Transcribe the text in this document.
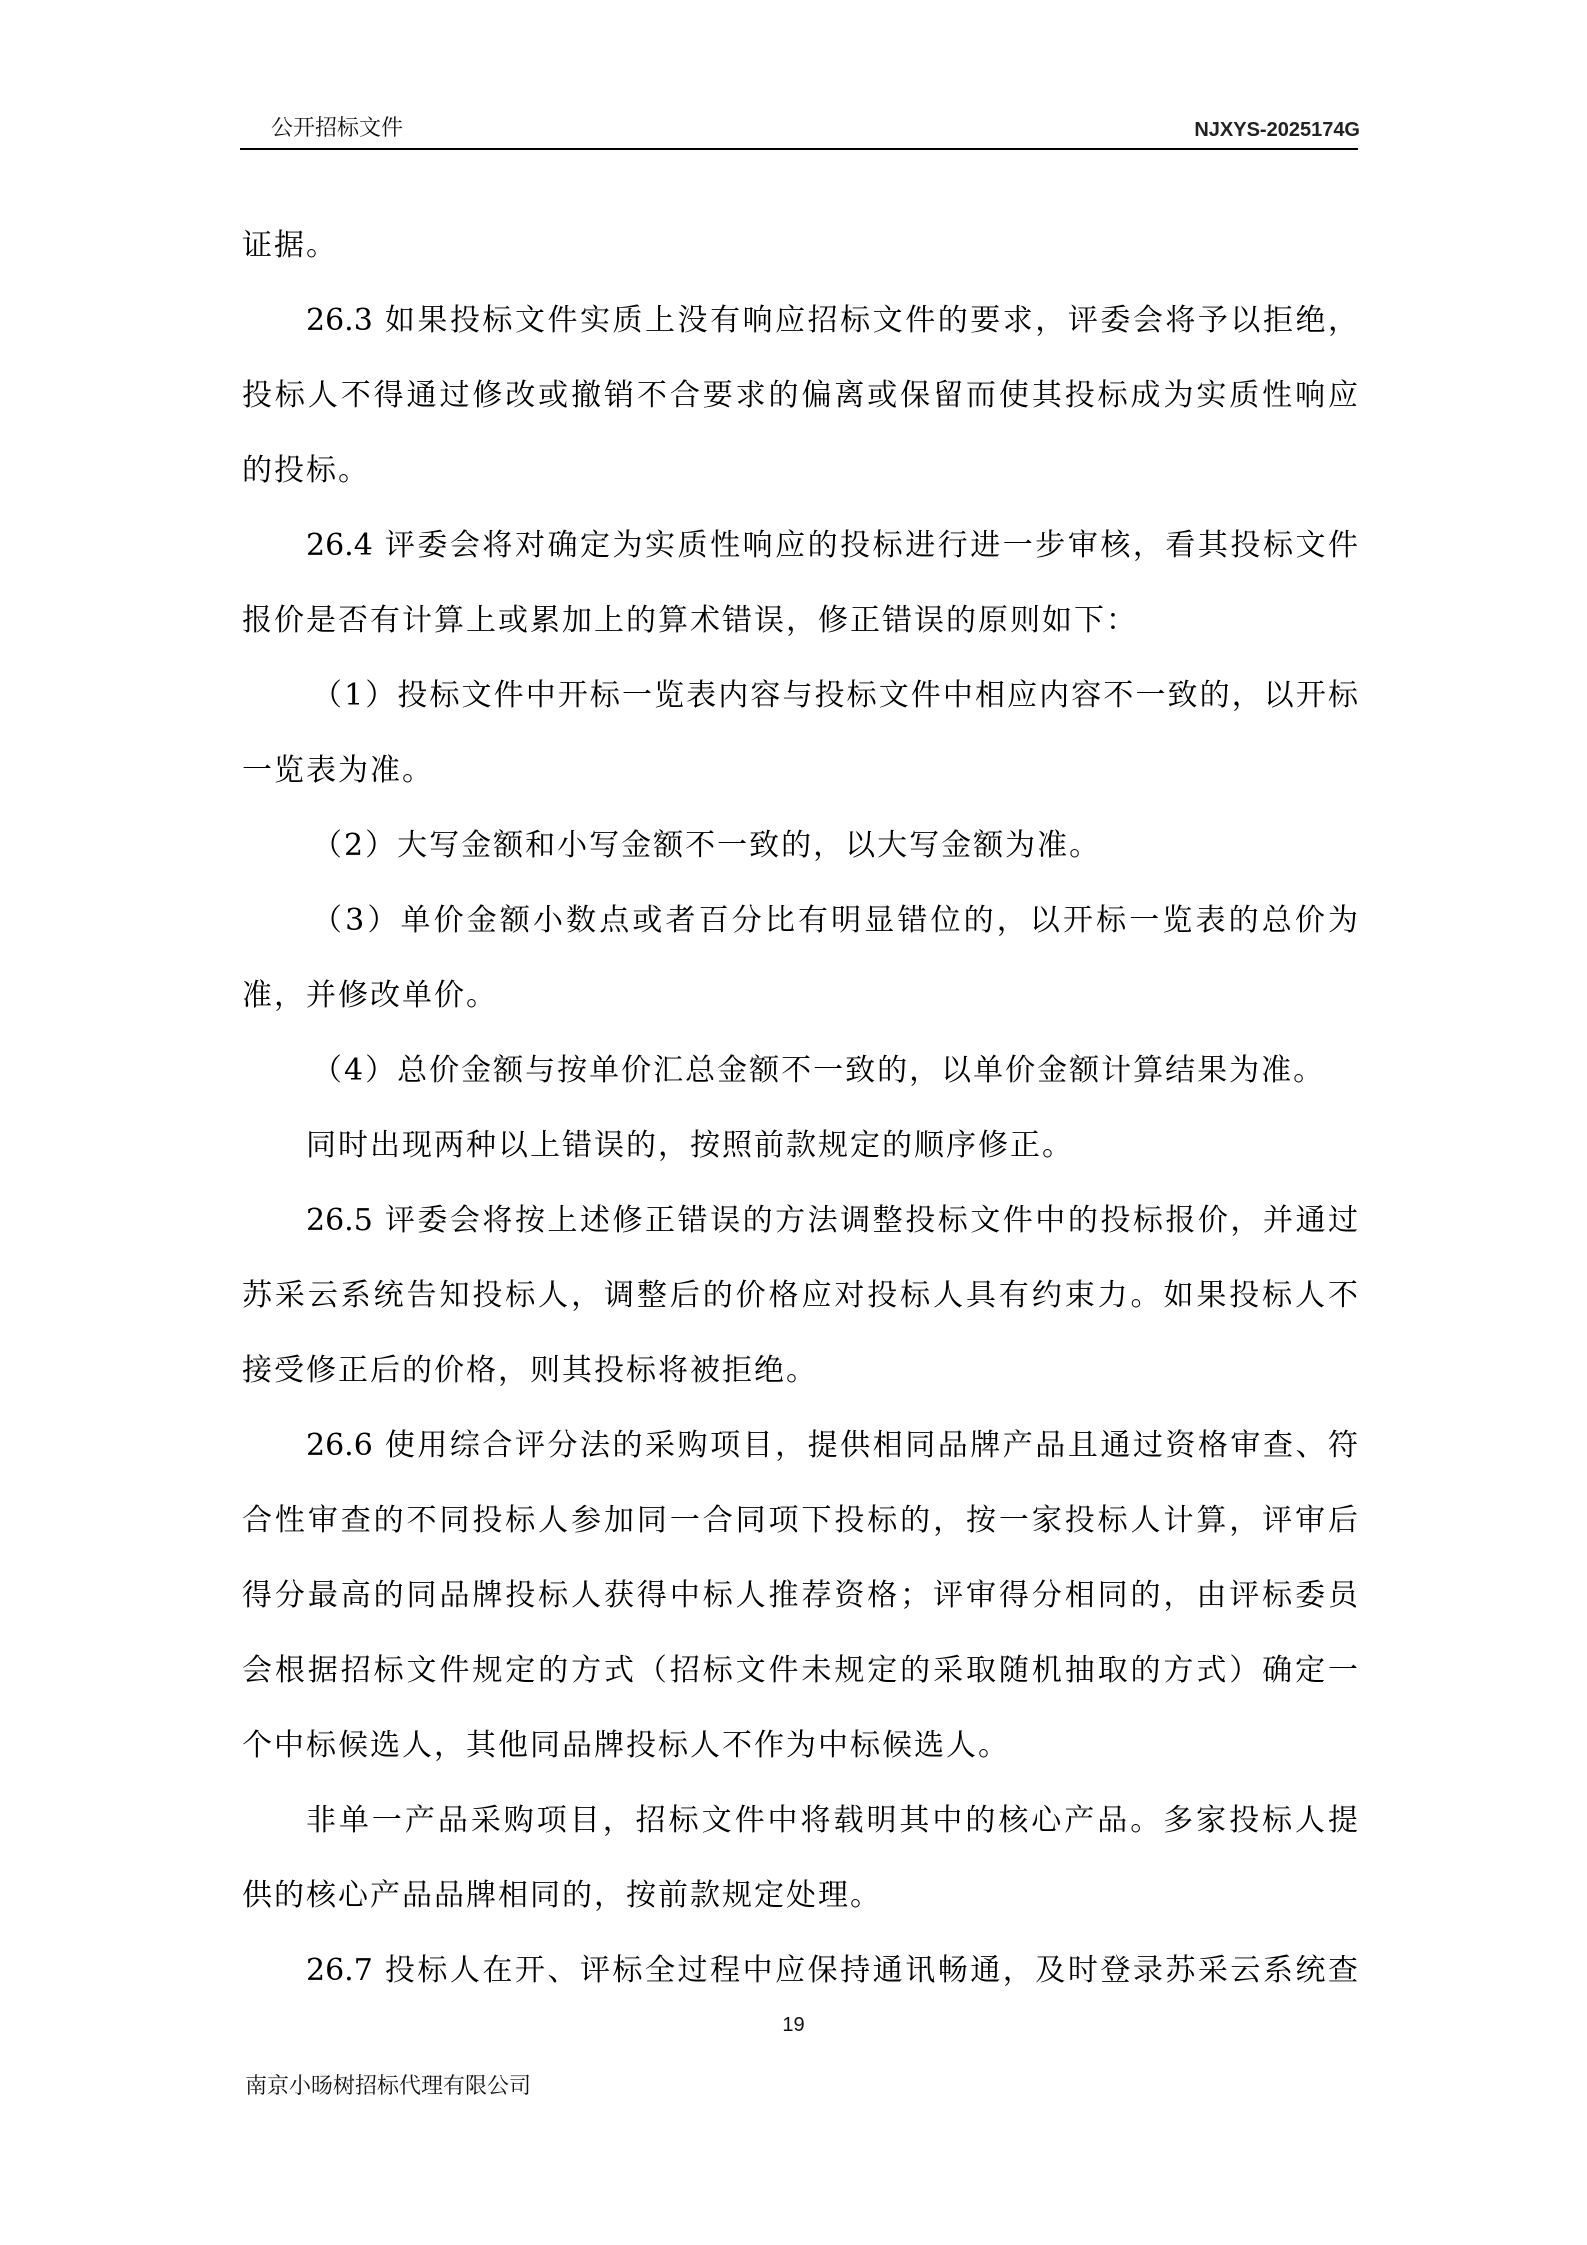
公开招标文件	NJXYS-2025174G
证据。
26.3 如果投标文件实质上没有响应招标文件的要求，评委会将予以拒绝，
投标人不得通过修改或撤销不合要求的偏离或保留而使其投标成为实质性响应
的投标。
26.4 评委会将对确定为实质性响应的投标进行进一步审核，看其投标文件
报价是否有计算上或累加上的算术错误，修正错误的原则如下：
（1）投标文件中开标一览表内容与投标文件中相应内容不一致的，以开标
一览表为准。
（2）大写金额和小写金额不一致的，以大写金额为准。
（3）单价金额小数点或者百分比有明显错位的，以开标一览表的总价为
准，并修改单价。
（4）总价金额与按单价汇总金额不一致的，以单价金额计算结果为准。
同时出现两种以上错误的，按照前款规定的顺序修正。
26.5 评委会将按上述修正错误的方法调整投标文件中的投标报价，并通过
苏采云系统告知投标人，调整后的价格应对投标人具有约束力。如果投标人不
接受修正后的价格，则其投标将被拒绝。
26.6 使用综合评分法的采购项目，提供相同品牌产品且通过资格审查、符
合性审查的不同投标人参加同一合同项下投标的，按一家投标人计算，评审后
得分最高的同品牌投标人获得中标人推荐资格；评审得分相同的，由评标委员
会根据招标文件规定的方式（招标文件未规定的采取随机抽取的方式）确定一
个中标候选人，其他同品牌投标人不作为中标候选人。
非单一产品采购项目，招标文件中将载明其中的核心产品。多家投标人提
供的核心产品品牌相同的，按前款规定处理。
26.7 投标人在开、评标全过程中应保持通讯畅通，及时登录苏采云系统查
19
南京小旸树招标代理有限公司
